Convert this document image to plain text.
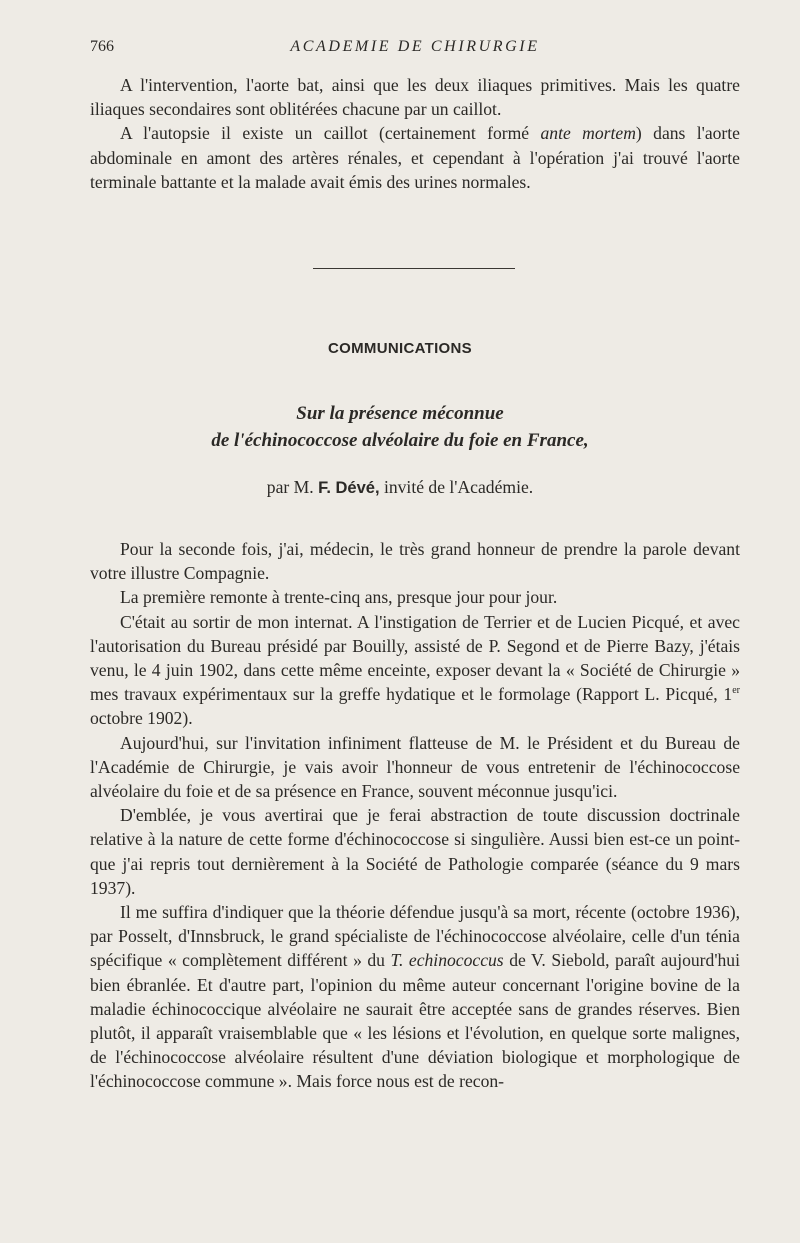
766	ACADEMIE DE CHIRURGIE

A l'intervention, l'aorte bat, ainsi que les deux iliaques primitives. Mais les quatre iliaques secondaires sont oblitérées chacune par un caillot.

A l'autopsie il existe un caillot (certainement formé ante mortem) dans l'aorte abdominale en amont des artères rénales, et cependant à l'opération j'ai trouvé l'aorte terminale battante et la malade avait émis des urines normales.

COMMUNICATIONS
Sur la présence méconnue
de l'échinococcose alvéolaire du foie en France,
par M. F. Dévé, invité de l'Académie.

Pour la seconde fois, j'ai, médecin, le très grand honneur de prendre la parole devant votre illustre Compagnie.

La première remonte à trente-cinq ans, presque jour pour jour.

C'était au sortir de mon internat. A l'instigation de Terrier et de Lucien Picqué, et avec l'autorisation du Bureau présidé par Bouilly, assisté de P. Segond et de Pierre Bazy, j'étais venu, le 4 juin 1902, dans cette même enceinte, exposer devant la « Société de Chirurgie » mes travaux expérimentaux sur la greffe hydatique et le formolage (Rapport L. Picqué, 1er octobre 1902).

Aujourd'hui, sur l'invitation infiniment flatteuse de M. le Président et du Bureau de l'Académie de Chirurgie, je vais avoir l'honneur de vous entretenir de l'échinococcose alvéolaire du foie et de sa présence en France, souvent méconnue jusqu'ici.

D'emblée, je vous avertirai que je ferai abstraction de toute discussion doctrinale relative à la nature de cette forme d'échinococcose si singulière. Aussi bien est-ce un point-que j'ai repris tout dernièrement à la Société de Pathologie comparée (séance du 9 mars 1937).

Il me suffira d'indiquer que la théorie défendue jusqu'à sa mort, récente (octobre 1936), par Posselt, d'Innsbruck, le grand spécialiste de l'échinococcose alvéolaire, celle d'un ténia spécifique « complètement différent » du T. echinococcus de V. Siebold, paraît aujourd'hui bien ébranlée. Et d'autre part, l'opinion du même auteur concernant l'origine bovine de la maladie échinococcique alvéolaire ne saurait être acceptée sans de grandes réserves. Bien plutôt, il apparaît vraisemblable que « les lésions et l'évolution, en quelque sorte malignes, de l'échinococcose alvéolaire résultent d'une déviation biologique et morphologique de l'échinococcose commune ». Mais force nous est de recon-
